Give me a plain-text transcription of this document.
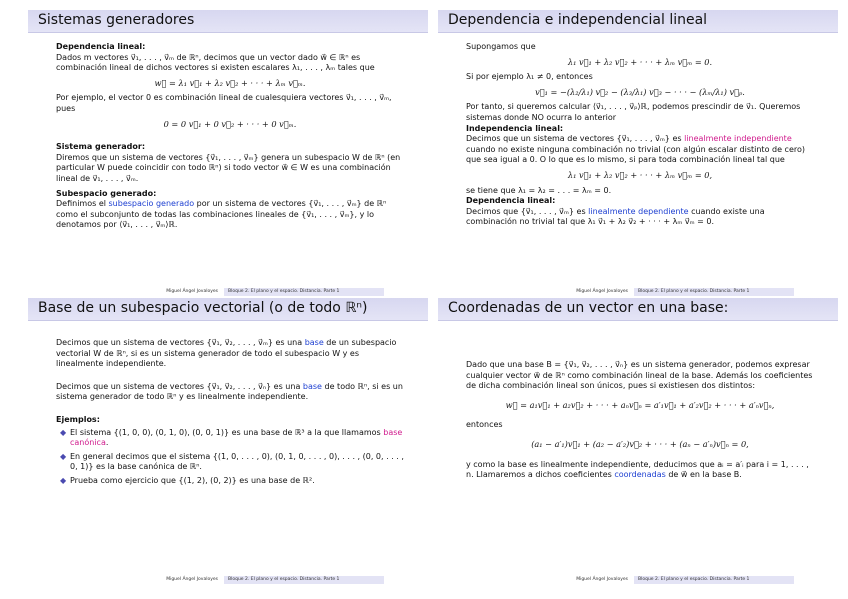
Sistemas generadores
Dependencia lineal:

Dados m vectores v⃗₁, . . . , v⃗ₘ de ℝⁿ, decimos que un vector dado w⃗ ∈ ℝⁿ es combinación lineal de dichos vectores si existen escalares λ₁, . . . , λₘ tales que

w⃗ = λ₁ v⃗₁ + λ₂ v⃗₂ + · · · + λₘ v⃗ₘ.

Por ejemplo, el vector 0 es combinación lineal de cualesquiera vectores v⃗₁, . . . , v⃗ₘ, pues

0 = 0 v⃗₁ + 0 v⃗₂ + · · · + 0 v⃗ₘ.
Sistema generador:

Diremos que un sistema de vectores {v⃗₁, . . . , v⃗ₘ} genera un subespacio W de ℝⁿ (en particular W puede coincidir con todo ℝⁿ) si todo vector w⃗ ∈ W es una combinación lineal de v⃗₁, . . . , v⃗ₘ.

Subespacio generado:

Definimos el subespacio generado por un sistema de vectores {v⃗₁, . . . , v⃗ₘ} de ℝⁿ como el subconjunto de todas las combinaciones lineales de {v⃗₁, . . . , v⃗ₘ}, y lo denotamos por ⟨v⃗₁, . . . , v⃗ₘ⟩ℝ.

Miguel Ángel Jovaloyes Bloque 2. El plano y el espacio. Distancia. Parte 1
Dependencia e independencial lineal

Supongamos que

λ₁ v⃗₁ + λ₂ v⃗₂ + · · · + λₘ v⃗ₘ = 0.

Si por ejemplo λ₁ ≠ 0, entonces

v⃗₁ = −(λ₂/λ₁) v⃗₂ − (λ₃/λ₁) v⃗₃ − · · · − (λₘ/λ₁) v⃗ₚ.

Por tanto, si queremos calcular ⟨v⃗₁, . . . , v⃗ₚ⟩ℝ, podemos prescindir de v⃗₁. Queremos sistemas donde NO ocurra lo anterior

Independencia lineal:

Decimos que un sistema de vectores {v⃗₁, . . . , v⃗ₘ} es linealmente independiente cuando no existe ninguna combinación no trivial (con algún escalar distinto de cero) que sea igual a 0. O lo que es lo mismo, si para toda combinación lineal tal que

λ₁ v⃗₁ + λ₂ v⃗₂ + · · · + λₘ v⃗ₘ = 0,

se tiene que λ₁ = λ₂ = . . . = λₘ = 0.

Dependencia lineal:

Decimos que {v⃗₁, . . . , v⃗ₘ} es linealmente dependiente cuando existe una combinación no trivial tal que λ₁ v⃗₁ + λ₂ v⃗₂ + · · · + λₘ v⃗ₘ = 0.

Miguel Ángel Jovaloyes Bloque 2. El plano y el espacio. Distancia. Parte 1
Base de un subespacio vectorial (o de todo ℝⁿ)

Decimos que un sistema de vectores {v⃗₁, v⃗₂, . . . , v⃗ₘ} es una base de un subespacio vectorial W de ℝⁿ, si es un sistema generador de todo el subespacio W y es linealmente independiente.

Decimos que un sistema de vectores {v⃗₁, v⃗₂, . . . , v⃗ₙ} es una base de todo ℝⁿ, si es un sistema generador de todo ℝⁿ y es linealmente independiente.

Ejemplos:
◆ El sistema {(1, 0, 0), (0, 1, 0), (0, 0, 1)} es una base de ℝ³ a la que llamamos base canónica.
◆ En general decimos que el sistema {(1, 0, . . . , 0), (0, 1, 0, . . . , 0), . . . , (0, 0, . . . , 0, 1)} es la base canónica de ℝⁿ.
◆ Prueba como ejercicio que {(1, 2), (0, 2)} es una base de ℝ².
Miguel Ángel Jovaloyes Bloque 2. El plano y el espacio. Distancia. Parte 1
Coordenadas de un vector en una base:

Dado que una base B = {v⃗₁, v⃗₂, . . . , v⃗ₙ} es un sistema generador, podemos expresar cualquier vector w⃗ de ℝⁿ como combinación lineal de la base. Además los coeficientes de dicha combinación lineal son únicos, pues si existiesen dos distintos:

w⃗ = a₁v⃗₁ + a₂v⃗₂ + · · · + aₙv⃗ₙ = a′₁v⃗₁ + a′₂v⃗₂ + · · · + a′ₙv⃗ₙ,

entonces

(a₁ − a′₁)v⃗₁ + (a₂ − a′₂)v⃗₂ + · · · + (aₙ − a′ₙ)v⃗ₙ = 0,

y como la base es linealmente independiente, deducimos que aᵢ = a′ᵢ para i = 1, . . . , n. Llamaremos a dichos coeficientes coordenadas de w⃗ en la base B.

Miguel Ángel Jovaloyes Bloque 2. El plano y el espacio. Distancia. Parte 1
